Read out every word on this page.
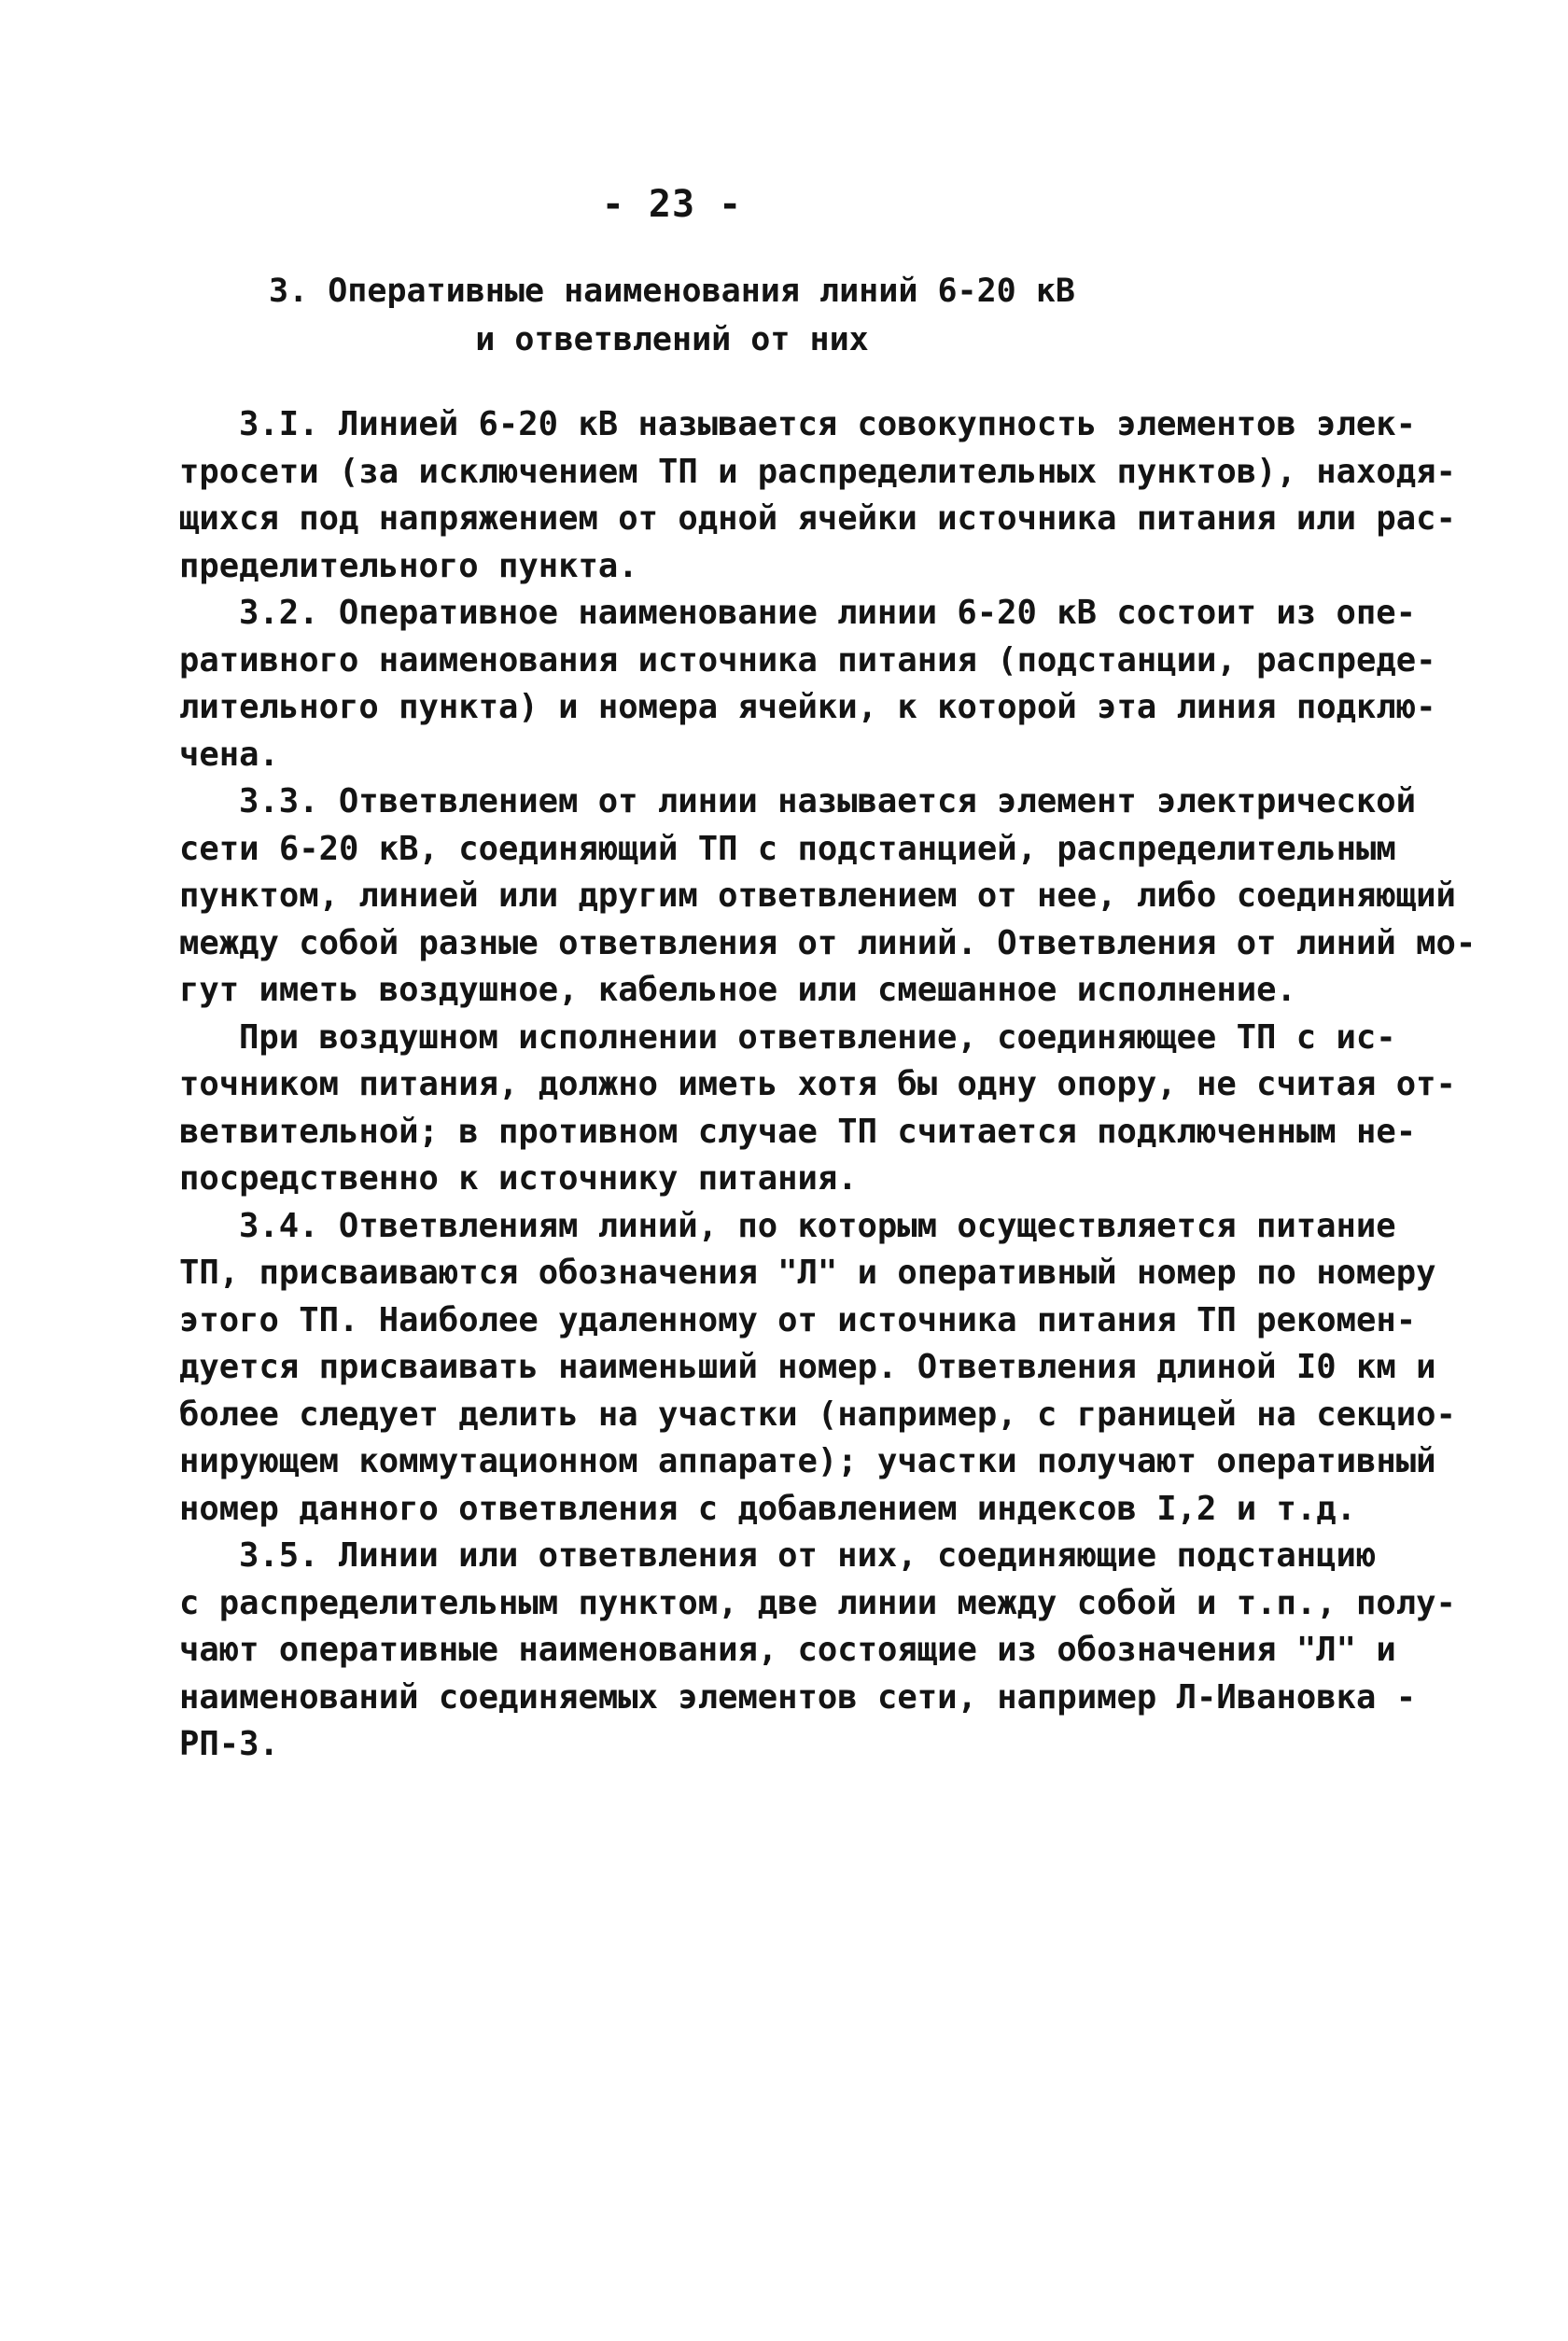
- 23 -
3. Оперативные наименования линий 6-20 кВ
и ответвлений от них
3.I. Линией 6-20 кВ называется совокупность элементов элек-
тросети (за исключением ТП и распределительных пунктов), находя-
щихся под напряжением от одной ячейки источника питания или рас-
пределительного пункта.
3.2. Оперативное наименование линии 6-20 кВ состоит из опе-
ративного наименования источника питания (подстанции, распреде-
лительного пункта) и номера ячейки, к которой эта линия подклю-
чена.
3.3. Ответвлением от линии называется элемент электрической
сети 6-20 кВ, соединяющий ТП с подстанцией, распределительным
пунктом, линией или другим ответвлением от нее, либо соединяющий
между собой разные ответвления от линий. Ответвления от линий мо-
гут иметь воздушное, кабельное или смешанное исполнение.
При воздушном исполнении ответвление, соединяющее ТП с ис-
точником питания, должно иметь хотя бы одну опору, не считая от-
ветвительной; в противном случае ТП считается подключенным не-
посредственно к источнику питания.
3.4. Ответвлениям линий, по которым осуществляется питание
ТП, присваиваются обозначения "Л" и оперативный номер по номеру
этого ТП. Наиболее удаленному от источника питания ТП рекомен-
дуется присваивать наименьший номер. Ответвления длиной I0 км и
более следует делить на участки (например, с границей на секцио-
нирующем коммутационном аппарате); участки получают оперативный
номер данного ответвления с добавлением индексов I,2 и т.д.
3.5. Линии или ответвления от них, соединяющие подстанцию
с распределительным пунктом, две линии между собой и т.п., полу-
чают оперативные наименования, состоящие из обозначения "Л" и
наименований соединяемых элементов сети, например Л-Ивановка -
РП-3.
